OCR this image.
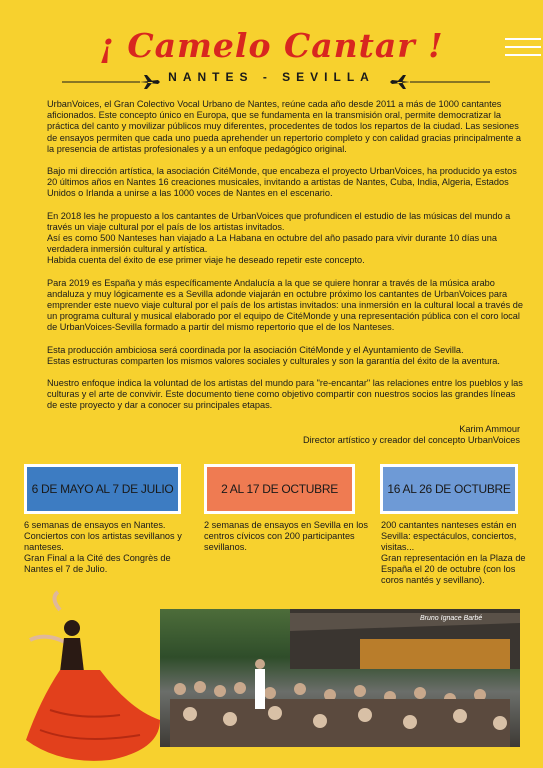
¡ Camelo Cantar !
NANTES - SEVILLA

UrbanVoices, el Gran Colectivo Vocal Urbano de Nantes, reúne cada año desde 2011 a más de 1000 cantantes aficionados. Este concepto único en Europa, que se fundamenta en la transmisión oral, permite democratizar la práctica del canto y movilizar públicos muy diferentes, procedentes de todos los repartos de la ciudad. Las sesiones de ensayos permiten que cada uno pueda aprehender un repertorio completo y con calidad gracias principalmente a la presencia de artistas profesionales y a un enfoque pedagógico original.

Bajo mi dirección artística, la asociación CitéMonde, que encabeza el proyecto UrbanVoices, ha producido ya estos 20 últimos años en Nantes 16 creaciones musicales, invitando a artistas de Nantes, Cuba, India, Algeria, Estados Unidos o Irlanda a unirse a las 1000 voces de Nantes en el escenario.

En 2018 les he propuesto a los cantantes de UrbanVoices que profundicen el estudio de las músicas del mundo a través un viaje cultural por el país de los artistas invitados.
Así es como 500 Nanteses han viajado a La Habana en octubre del año pasado para vivir durante 10 días una verdadera inmersión cultural y artística.
Habida cuenta del éxito de ese primer viaje he deseado repetir este concepto.

Para 2019 es España y más específicamente Andalucía a la que se quiere honrar a través de la música arabo andaluza y muy lógicamente es a Sevilla adonde viajarán en octubre próximo los cantantes de UrbanVoices para emprender este nuevo viaje cultural por el país de los artistas invitados: una inmersión en la cultural local a través de un programa cultural y musical elaborado por el equipo de CitéMonde y una representación pública con el coro local de UrbanVoices-Sevilla formado a partir del mismo repertorio que el de los Nanteses.

Esta producción ambiciosa será coordinada por la asociación CitéMonde y el Ayuntamiento de Sevilla.
Estas estructuras comparten los mismos valores sociales y culturales y son la garantía del éxito de la aventura.

Nuestro enfoque indica la voluntad de los artistas del mundo para "re-encantar" las relaciones entre los pueblos y las culturas y el arte de convivir. Este documento tiene como objetivo compartir con nuestros socios las grandes líneas de este proyecto y dar a conocer su principales etapas.

Karim Ammour
Director artístico y creador del concepto UrbanVoices
6 DE MAYO AL 7 DE JULIO	2 AL 17 DE OCTUBRE	16 AL 26 DE OCTUBRE
6 semanas de ensayos en Nantes.
Conciertos con los artistas sevillanos y nanteses.
Gran Final a la Cité des Congrès de Nantes el 7 de Julio.
2 semanas de ensayos en Sevilla en los centros cívicos con 200 participantes sevillanos.
200 cantantes nanteses están en Sevilla: espectáculos, conciertos, visitas...
Gran representación en la Plaza de España el 20 de octubre (con los coros nantés y sevillano).
Bruno Ignace Barbé
